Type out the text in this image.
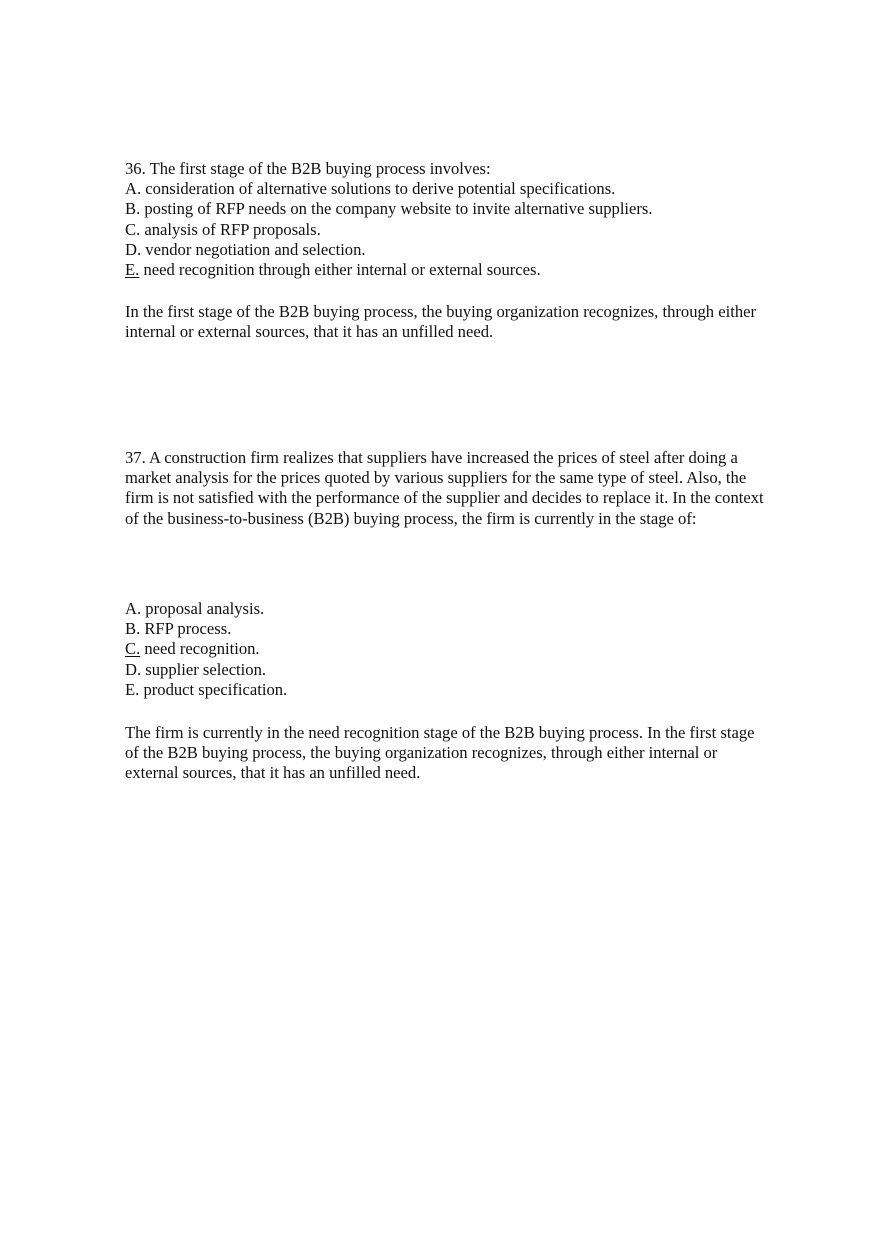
36. The first stage of the B2B buying process involves:
A. consideration of alternative solutions to derive potential specifications.
B. posting of RFP needs on the company website to invite alternative suppliers.
C. analysis of RFP proposals.
D. vendor negotiation and selection.
E. need recognition through either internal or external sources.
In the first stage of the B2B buying process, the buying organization recognizes, through either internal or external sources, that it has an unfilled need.
37. A construction firm realizes that suppliers have increased the prices of steel after doing a market analysis for the prices quoted by various suppliers for the same type of steel. Also, the firm is not satisfied with the performance of the supplier and decides to replace it. In the context of the business-to-business (B2B) buying process, the firm is currently in the stage of:
A. proposal analysis.
B. RFP process.
C. need recognition.
D. supplier selection.
E. product specification.
The firm is currently in the need recognition stage of the B2B buying process. In the first stage of the B2B buying process, the buying organization recognizes, through either internal or external sources, that it has an unfilled need.
